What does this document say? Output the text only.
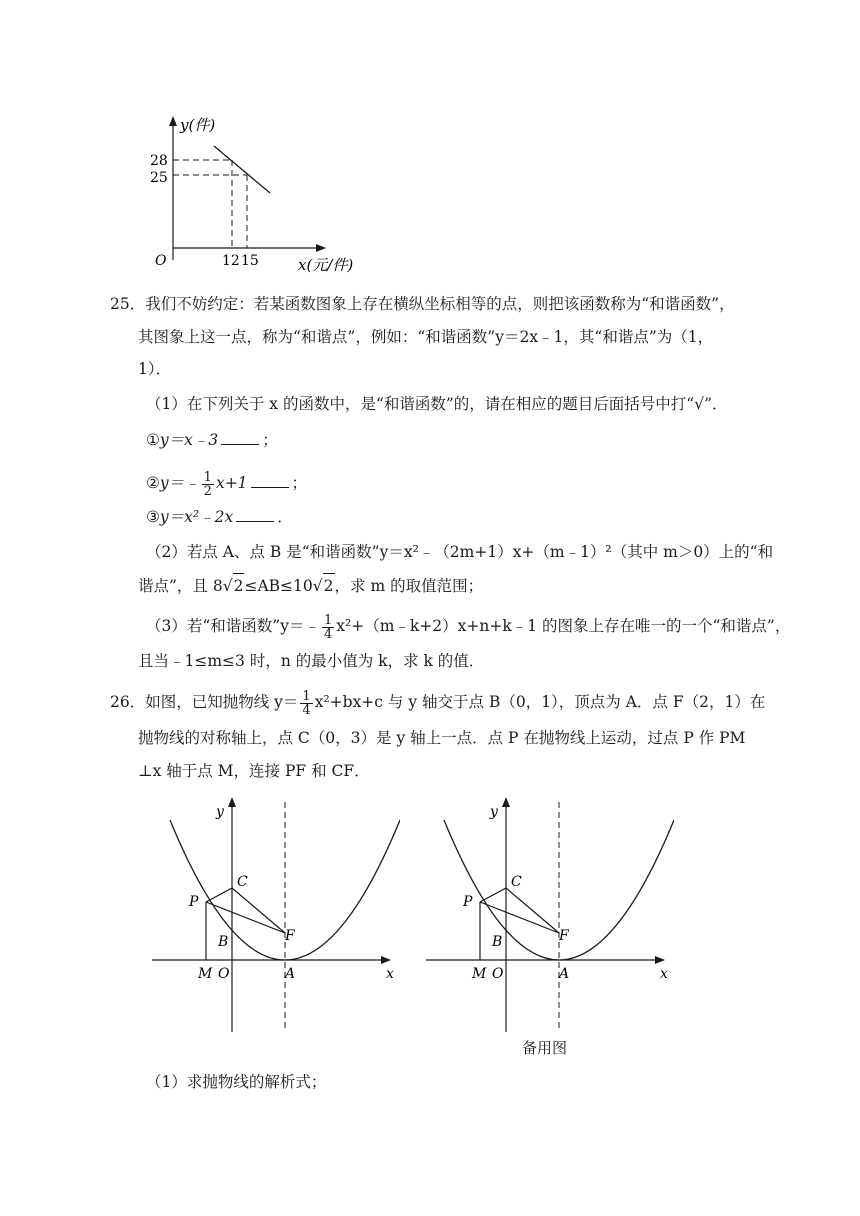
y(件)
x(元/件)
O
28
25
12 15
25．我们不妨约定：若某函数图象上存在横纵坐标相等的点，则把该函数称为“和谐函数”，
其图象上这一点，称为“和谐点”，例如：“和谐函数”y＝2x﹣1，其“和谐点”为（1，
1）．
（1）在下列关于 x 的函数中，是“和谐函数”的，请在相应的题目后面括号中打“√”．
①y＝x﹣3	；
②y＝﹣ $\frac{1}{2} x+1$	；
③y＝x²﹣2x	．
（2）若点 A、点 B 是“和谐函数”y＝x²﹣（2m+1）x+（m﹣1）²（其中 m＞0）上的“和
谐点”，且 8√2≤AB≤10√2，求 m 的取值范围；
（3）若“和谐函数”y＝﹣ $\frac{1}{4}$ x²+（m﹣k+2）x+n+k﹣1 的图象上存在唯一的一个“和谐点”，
且当﹣1≤m≤3 时，n 的最小值为 k，求 k 的值．
26．如图，已知抛物线 $y= \frac{1}{4} x^2+bx+c$ 与 y 轴交于点 B（0，1），顶点为 A．点 F（2，1）在
抛物线的对称轴上，点 C（0，3）是 y 轴上一点．点 P 在抛物线上运动，过点 P 作 PM
⊥x 轴于点 M，连接 PF 和 CF．
y
x
C
P
B	F
M O	A
y
x
C
P
B	F
M O	A
备用图
（1）求抛物线的解析式；
